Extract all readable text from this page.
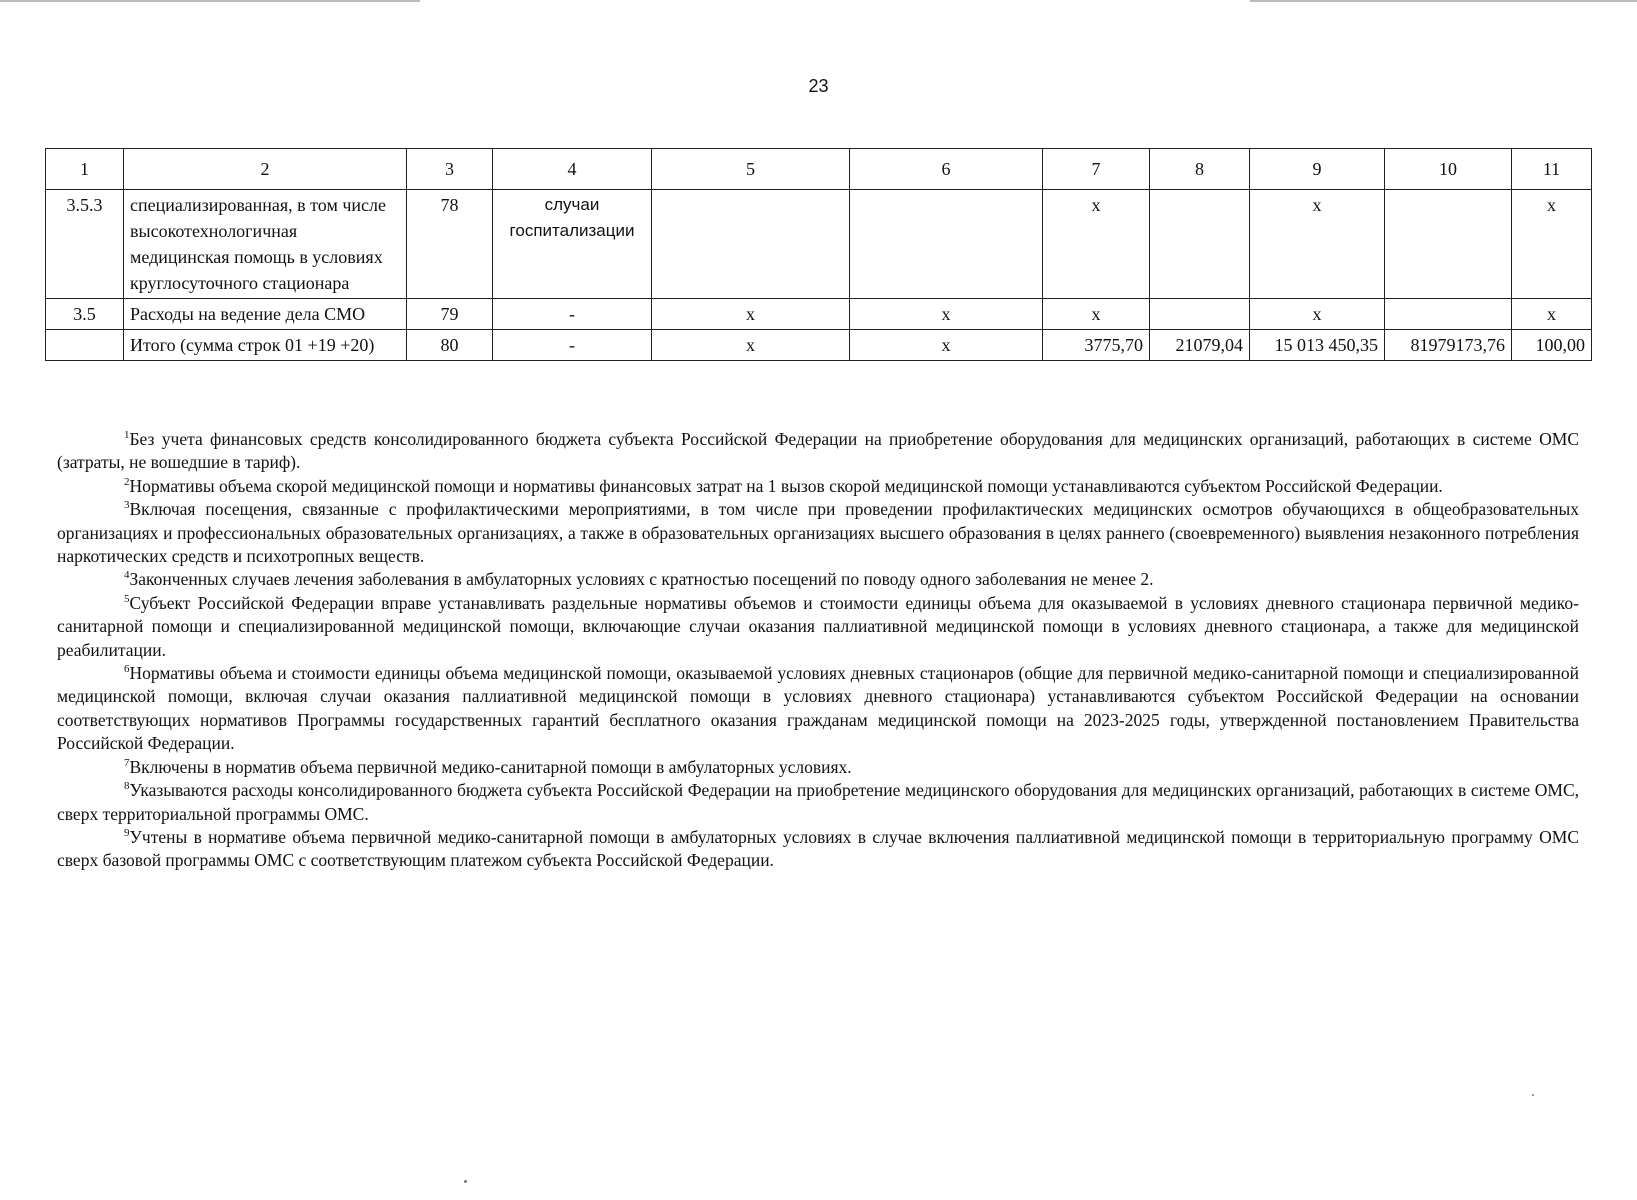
23
1	2	3	4	5	6	7	8	9	10	11
3.5.3	специализированная, в том числе высокотехнологичная медицинская помощь в условиях круглосуточного стационара	78	случаи госпитализации			х		х		х
3.5	Расходы на ведение дела СМО	79	-	х	х	х		х		х
	Итого (сумма строк 01 +19 +20)	80	-	х	х	3775,70	21079,04	15 013 450,35	81979173,76	100,00

$^1$Без учета финансовых средств консолидированного бюджета субъекта Российской Федерации на приобретение оборудования для медицинских организаций, работающих в системе ОМС (затраты, не вошедшие в тариф).

$^2$Нормативы объема скорой медицинской помощи и нормативы финансовых затрат на 1 вызов скорой медицинской помощи устанавливаются субъектом Российской Федерации.

$^3$Включая посещения, связанные с профилактическими мероприятиями, в том числе при проведении профилактических медицинских осмотров обучающихся в общеобразовательных организациях и профессиональных образовательных организациях, а также в образовательных организациях высшего образования в целях раннего (своевременного) выявления незаконного потребления наркотических средств и психотропных веществ.

$^4$Законченных случаев лечения заболевания в амбулаторных условиях с кратностью посещений по поводу одного заболевания не менее 2.

$^5$Субъект Российской Федерации вправе устанавливать раздельные нормативы объемов и стоимости единицы объема для оказываемой в условиях дневного стационара первичной медико-санитарной помощи и специализированной медицинской помощи, включающие случаи оказания паллиативной медицинской помощи в условиях дневного стационара, а также для медицинской реабилитации.

$^6$Нормативы объема и стоимости единицы объема медицинской помощи, оказываемой условиях дневных стационаров (общие для первичной медико-санитарной помощи и специализированной медицинской помощи, включая случаи оказания паллиативной медицинской помощи в условиях дневного стационара) устанавливаются субъектом Российской Федерации на основании соответствующих нормативов Программы государственных гарантий бесплатного оказания гражданам медицинской помощи на 2023-2025 годы, утвержденной постановлением Правительства Российской Федерации.

$^7$Включены в норматив объема первичной медико-санитарной помощи в амбулаторных условиях.

$^8$Указываются расходы консолидированного бюджета субъекта Российской Федерации на приобретение медицинского оборудования для медицинских организаций, работающих в системе ОМС, сверх территориальной программы ОМС.

$^9$Учтены в нормативе объема первичной медико-санитарной помощи в амбулаторных условиях в случае включения паллиативной медицинской помощи в территориальную программу ОМС сверх базовой программы ОМС с соответствующим платежом субъекта Российской Федерации.
